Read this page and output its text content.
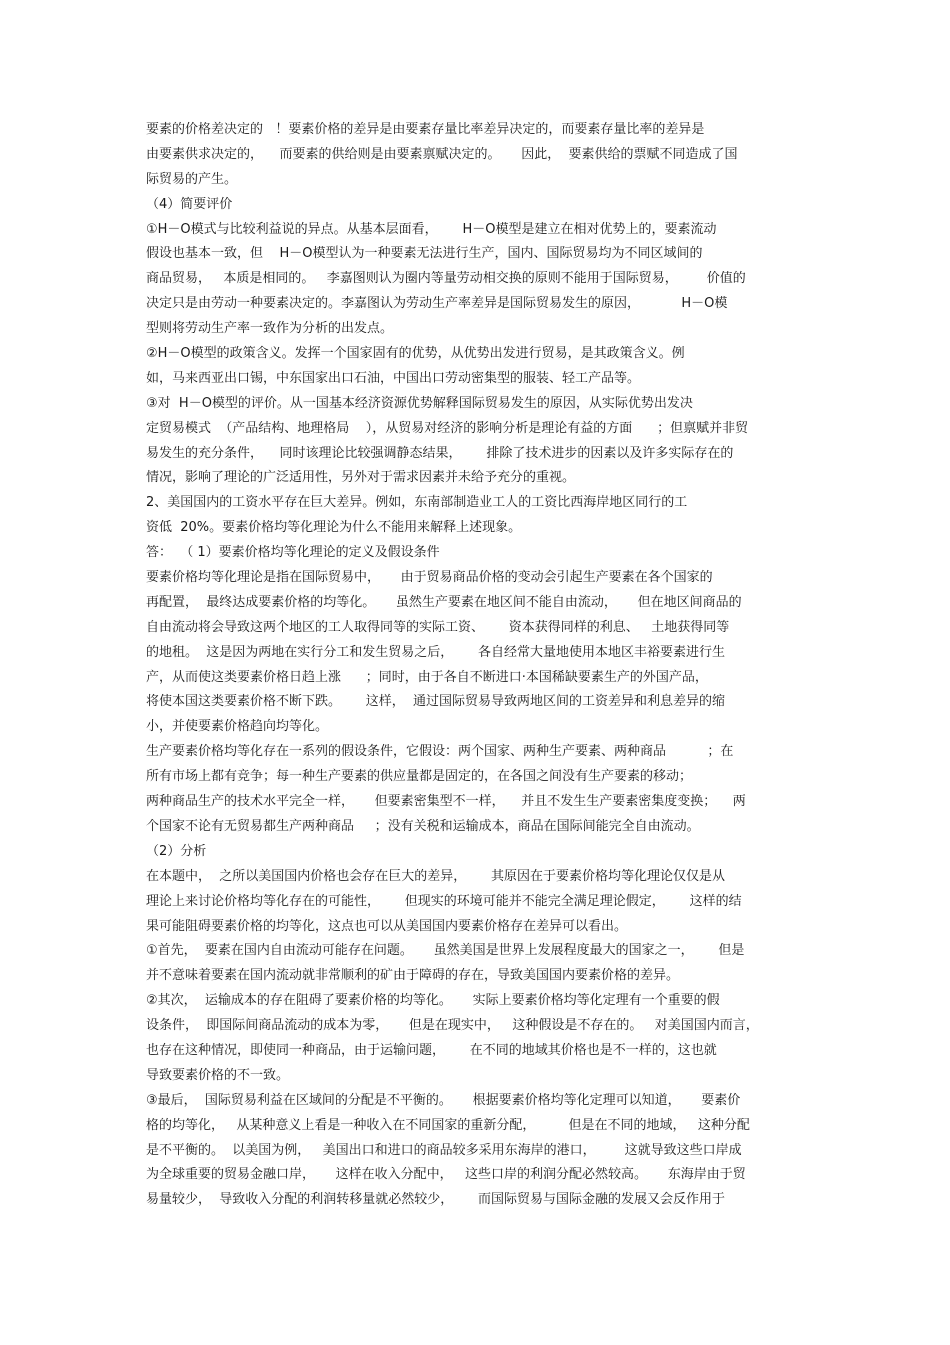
要素的价格差决定的   ！要素价格的差异是由要素存量比率差异决定的，而要素存量比率的差异是
由要素供求决定的，    而要素的供给则是由要素禀赋决定的。     因此，  要素供给的票赋不同造成了国
际贸易的产生。
（4）简要评价
①H－O模式与比较利益说的异点。从基本层面看，      H－O模型是建立在相对优势上的，要素流动
假设也基本一致，但    H－O模型认为一种要素无法进行生产，国内、国际贸易均为不同区域间的
商品贸易，   本质是相同的。   李嘉图则认为圈内等量劳动相交换的原则不能用于国际贸易，       价值的
决定只是由劳动一种要素决定的。李嘉图认为劳动生产率差异是国际贸易发生的原因，          H－O模
型则将劳动生产率一致作为分析的出发点。
②H－O模型的政策含义。发挥一个国家固有的优势，从优势出发进行贸易，是其政策含义。例
如，马来西亚出口锡，中东国家出口石油，中国出口劳动密集型的服装、轻工产品等。
③对  H－O模型的评价。从一国基本经济资源优势解释国际贸易发生的原因，从实际优势出发决
定贸易模式  （产品结构、地理格局    ），从贸易对经济的影响分析是理论有益的方面      ；但禀赋并非贸
易发生的充分条件，    同时该理论比较强调静态结果，      排除了技术进步的因素以及许多实际存在的
情况，影响了理论的广泛适用性，另外对于需求因素并未给予充分的重视。
2、美国国内的工资水平存在巨大差异。例如，东南部制造业工人的工资比西海岸地区同行的工
资低  20%。要素价格均等化理论为什么不能用来解释上述现象。
答：  （ 1）要素价格均等化理论的定义及假设条件
要素价格均等化理论是指在国际贸易中，     由于贸易商品价格的变动会引起生产要素在各个国家的
再配置，  最终达成要素价格的均等化。     虽然生产要素在地区间不能自由流动，     但在地区间商品的
自由流动将会导致这两个地区的工人取得同等的实际工资、      资本获得同样的利息、   土地获得同等
的地租。  这是因为两地在实行分工和发生贸易之后，      各自经常大量地使用本地区丰裕要素进行生
产，从而使这类要素价格日趋上涨      ；同时，由于各自不断进口·本国稀缺要素生产的外国产品，
将使本国这类要素价格不断下跌。      这样，  通过国际贸易导致两地区间的工资差异和利息差异的缩
小，并使要素价格趋向均等化。
生产要素价格均等化存在一系列的假设条件，它假设：两个国家、两种生产要素、两种商品          ；在
所有市场上都有竞争；每一种生产要素的供应量都是固定的，在各国之间没有生产要素的移动；
两种商品生产的技术水平完全一样，     但要素密集型不一样，    并且不发生生产要素密集度变换；    两
个国家不论有无贸易都生产两种商品     ；没有关税和运输成本，商品在国际间能完全自由流动。
（2）分析
在本题中，  之所以美国国内价格也会存在巨大的差异，      其原因在于要素价格均等化理论仅仅是从
理论上来讨论价格均等化存在的可能性，      但现实的环境可能并不能完全满足理论假定，      这样的结
果可能阻碍要素价格的均等化，这点也可以从美国国内要素价格存在差异可以看出。
①首先，  要素在国内自由流动可能存在问题。     虽然美国是世界上发展程度最大的国家之一，      但是
并不意味着要素在国内流动就非常顺利的矿由于障碍的存在，导致美国国内要素价格的差异。
②其次，  运输成本的存在阻碍了要素价格的均等化。     实际上要素价格均等化定理有一个重要的假
设条件，  即国际间商品流动的成本为零，     但是在现实中，   这种假设是不存在的。   对美国国内而言，
也存在这种情况，即使同一种商品，由于运输问题，      在不同的地域其价格也是不一样的，这也就
导致要素价格的不一致。
③最后，  国际贸易利益在区域间的分配是不平衡的。     根据要素价格均等化定理可以知道，     要素价
格的均等化，   从某种意义上看是一种收入在不同国家的重新分配，        但是在不同的地域，   这种分配
是不平衡的。  以美国为例，   美国出口和进口的商品较多采用东海岸的港口，       这就导致这些口岸成
为全球重要的贸易金融口岸，     这样在收入分配中，   这些口岸的利润分配必然较高。     东海岸由于贸
易量较少，  导致收入分配的利润转移量就必然较少，      而国际贸易与国际金融的发展又会反作用于
